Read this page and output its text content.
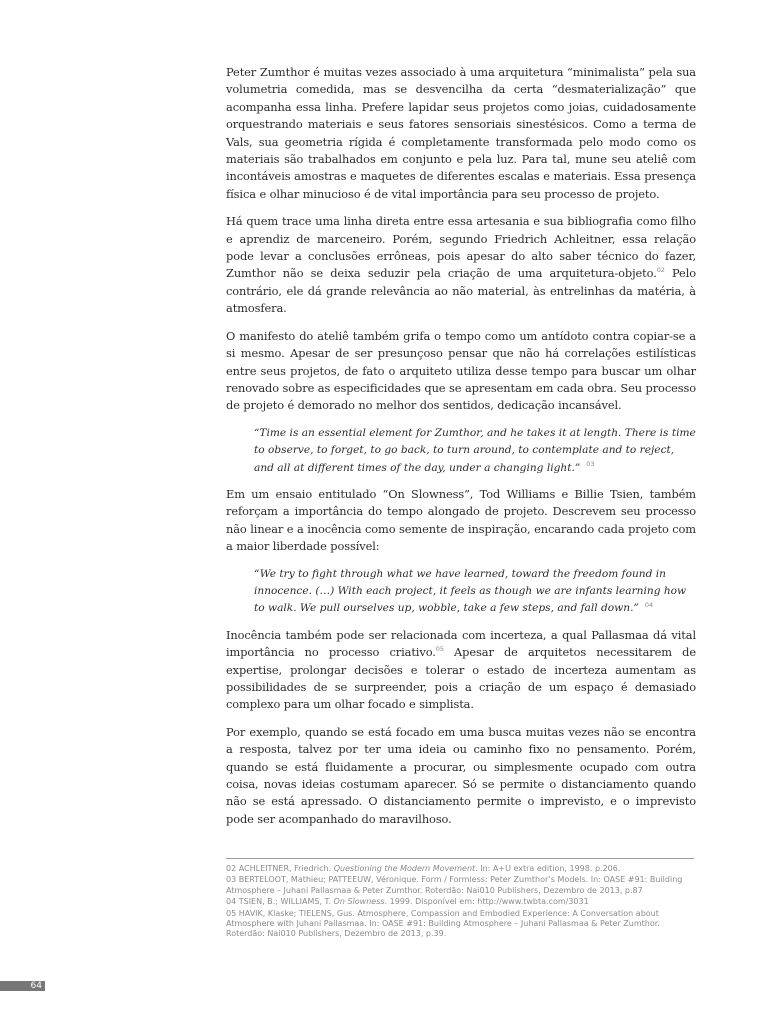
Peter Zumthor é muitas vezes associado à uma arquitetura “minimalista” pela sua volumetria comedida, mas se desvencilha da certa “desmaterialização” que acompanha essa linha. Prefere lapidar seus projetos como joias, cuidadosamente orquestrando materiais e seus fatores sensoriais sinestésicos. Como a terma de Vals, sua geometria rígida é completamente transformada pelo modo como os materiais são trabalhados em conjunto e pela luz. Para tal, mune seu ateliê com incontáveis amostras e maquetes de diferentes escalas e materiais. Essa presença física e olhar minucioso é de vital importância para seu processo de projeto.

Há quem trace uma linha direta entre essa artesania e sua bibliografia como filho e aprendiz de marceneiro. Porém, segundo Friedrich Achleitner, essa relação pode levar a conclusões errôneas, pois apesar do alto saber técnico do fazer, Zumthor não se deixa seduzir pela criação de uma arquitetura-objeto.$^{02}$ Pelo contrário, ele dá grande relevância ao não material, às entrelinhas da matéria, à atmosfera.

O manifesto do ateliê também grifa o tempo como um antídoto contra copiar-se a si mesmo. Apesar de ser presunçoso pensar que não há correlações estilísticas entre seus projetos, de fato o arquiteto utiliza desse tempo para buscar um olhar renovado sobre as especificidades que se apresentam em cada obra. Seu processo de projeto é demorado no melhor dos sentidos, dedicação incansável.

“Time is an essential element for Zumthor, and he takes it at length. There is time to observe, to forget, to go back, to turn around, to contemplate and to reject, and all at different times of the day, under a changing light.” $^{03}$

Em um ensaio entitulado “On Slowness”, Tod Williams e Billie Tsien, também reforçam a importância do tempo alongado de projeto. Descrevem seu processo não linear e a inocência como semente de inspiração, encarando cada projeto com a maior liberdade possível:

“We try to fight through what we have learned, toward the freedom found in innocence. (…) With each project, it feels as though we are infants learning how to walk. We pull ourselves up, wobble, take a few steps, and fall down.” $^{04}$

Inocência também pode ser relacionada com incerteza, a qual Pallasmaa dá vital importância no processo criativo.$^{05}$ Apesar de arquitetos necessitarem de expertise, prolongar decisões e tolerar o estado de incerteza aumentam as possibilidades de se surpreender, pois a criação de um espaço é demasiado complexo para um olhar focado e simplista.

Por exemplo, quando se está focado em uma busca muitas vezes não se encontra a resposta, talvez por ter uma ideia ou caminho fixo no pensamento. Porém, quando se está fluidamente a procurar, ou simplesmente ocupado com outra coisa, novas ideias costumam aparecer. Só se permite o distanciamento quando não se está apressado. O distanciamento permite o imprevisto, e o imprevisto pode ser acompanhado do maravilhoso.

02 ACHLEITNER, Friedrich. Questioning the Modern Movement. In: A+U extra edition, 1998. p.206.

03 BERTELOOT, Mathieu; PATTEEUW, Véronique. Form / Formless: Peter Zumthor’s Models. In: OASE #91: Building Atmosphere – Juhani Pallasmaa & Peter Zumthor. Roterdão: Nai010 Publishers, Dezembro de 2013, p.87

04 TSIEN, B.; WILLIAMS, T. On Slowness. 1999. Disponível em: http://www.twbta.com/3031

05 HAVIK, Klaske; TIELENS, Gus. Atmosphere, Compassion and Embodied Experience: A Conversation about Atmosphere with Juhani Pallasmaa. In: OASE #91: Building Atmosphere – Juhani Pallasmaa & Peter Zumthor. Roterdão: Nai010 Publishers, Dezembro de 2013, p.39.

64
